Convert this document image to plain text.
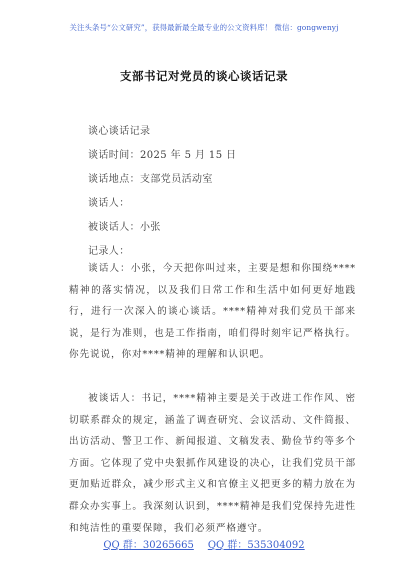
关注头条号“公文研究”，获得最新最全最专业的公文资料库！ 微信：gongwenyj
支部书记对党员的谈心谈话记录
谈心谈话记录
谈话时间：2025 年 5 月 15 日
谈话地点：支部党员活动室
谈话人：
被谈话人：小张
记录人：
谈话人：小张，今天把你叫过来，主要是想和你围绕****精神的落实情况，以及我们日常工作和生活中如何更好地践行，进行一次深入的谈心谈话。****精神对我们党员干部来说，是行为准则，也是工作指南，咱们得时刻牢记严格执行。你先说说，你对****精神的理解和认识吧。
被谈话人：书记，****精神主要是关于改进工作作风、密切联系群众的规定，涵盖了调查研究、会议活动、文件简报、出访活动、警卫工作、新闻报道、文稿发表、勤俭节约等多个方面。它体现了党中央狠抓作风建设的决心，让我们党员干部更加贴近群众，减少形式主义和官僚主义把更多的精力放在为群众办实事上。我深刻认识到，****精神是我们党保持先进性和纯洁性的重要保障，我们必须严格遵守。
QQ 群：30265665 QQ 群：535304092
